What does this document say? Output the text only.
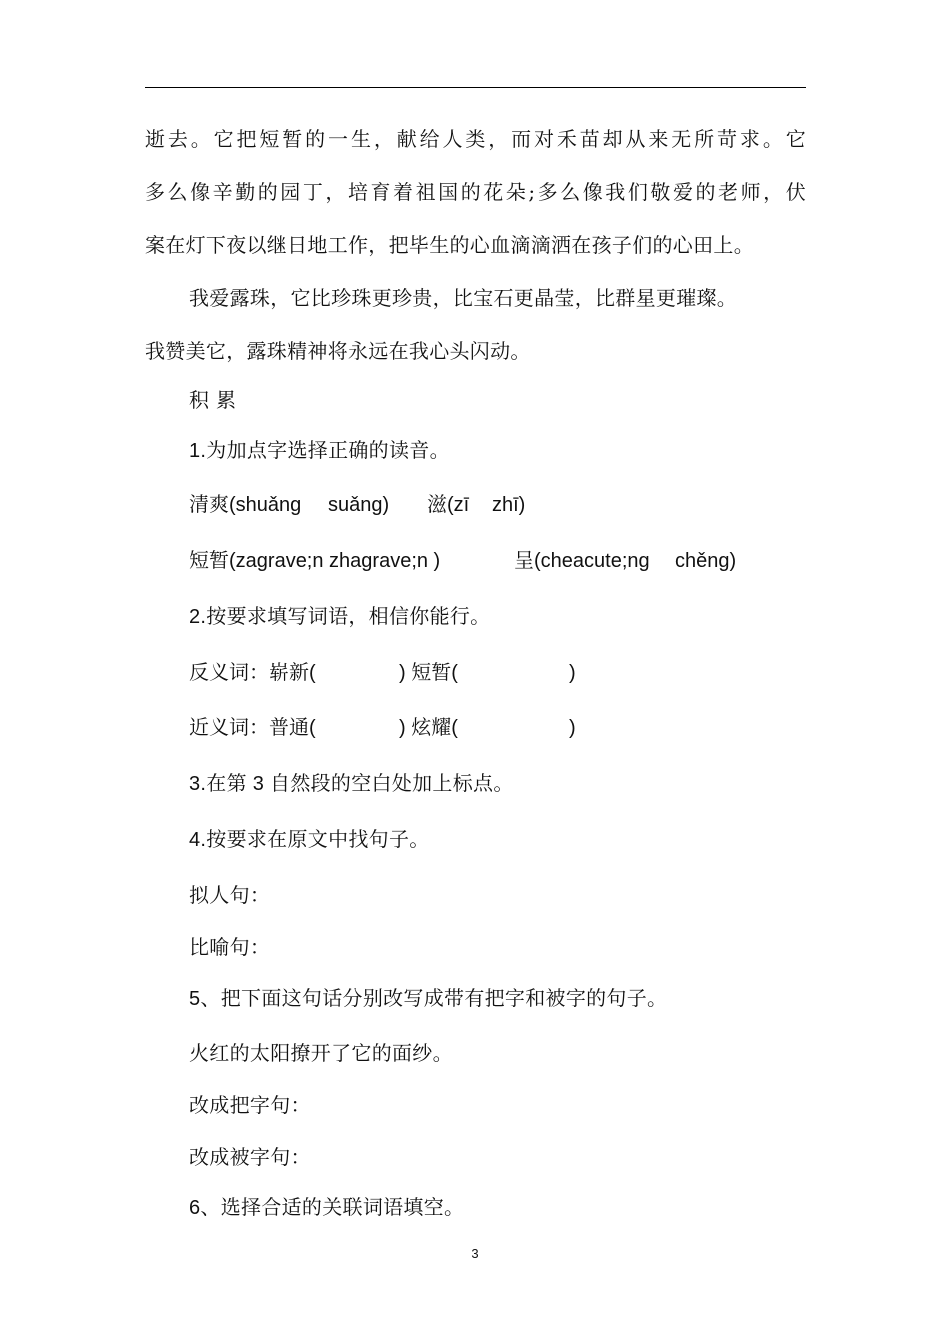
逝去。它把短暂的一生，献给人类，而对禾苗却从来无所苛求。它
多么像辛勤的园丁，培育着祖国的花朵;多么像我们敬爱的老师，伏
案在灯下夜以继日地工作，把毕生的心血滴滴洒在孩子们的心田上。
我爱露珠，它比珍珠更珍贵，比宝石更晶莹，比群星更璀璨。
我赞美它，露珠精神将永远在我心头闪动。
积 累
1.为加点字选择正确的读音。
清爽(shuǎng suǎng) 滋(zī zhī)
短暂(zagrave;n zhagrave;n )	呈(cheacute;ng chěng)
2.按要求填写词语，相信你能行。
反义词：崭新(	) 短暂(	)
近义词：普通(	) 炫耀(	)
3.在第 3 自然段的空白处加上标点。
4.按要求在原文中找句子。
拟人句：
比喻句：
5、把下面这句话分别改写成带有把字和被字的句子。
火红的太阳撩开了它的面纱。
改成把字句：
改成被字句：
6、选择合适的关联词语填空。
3
